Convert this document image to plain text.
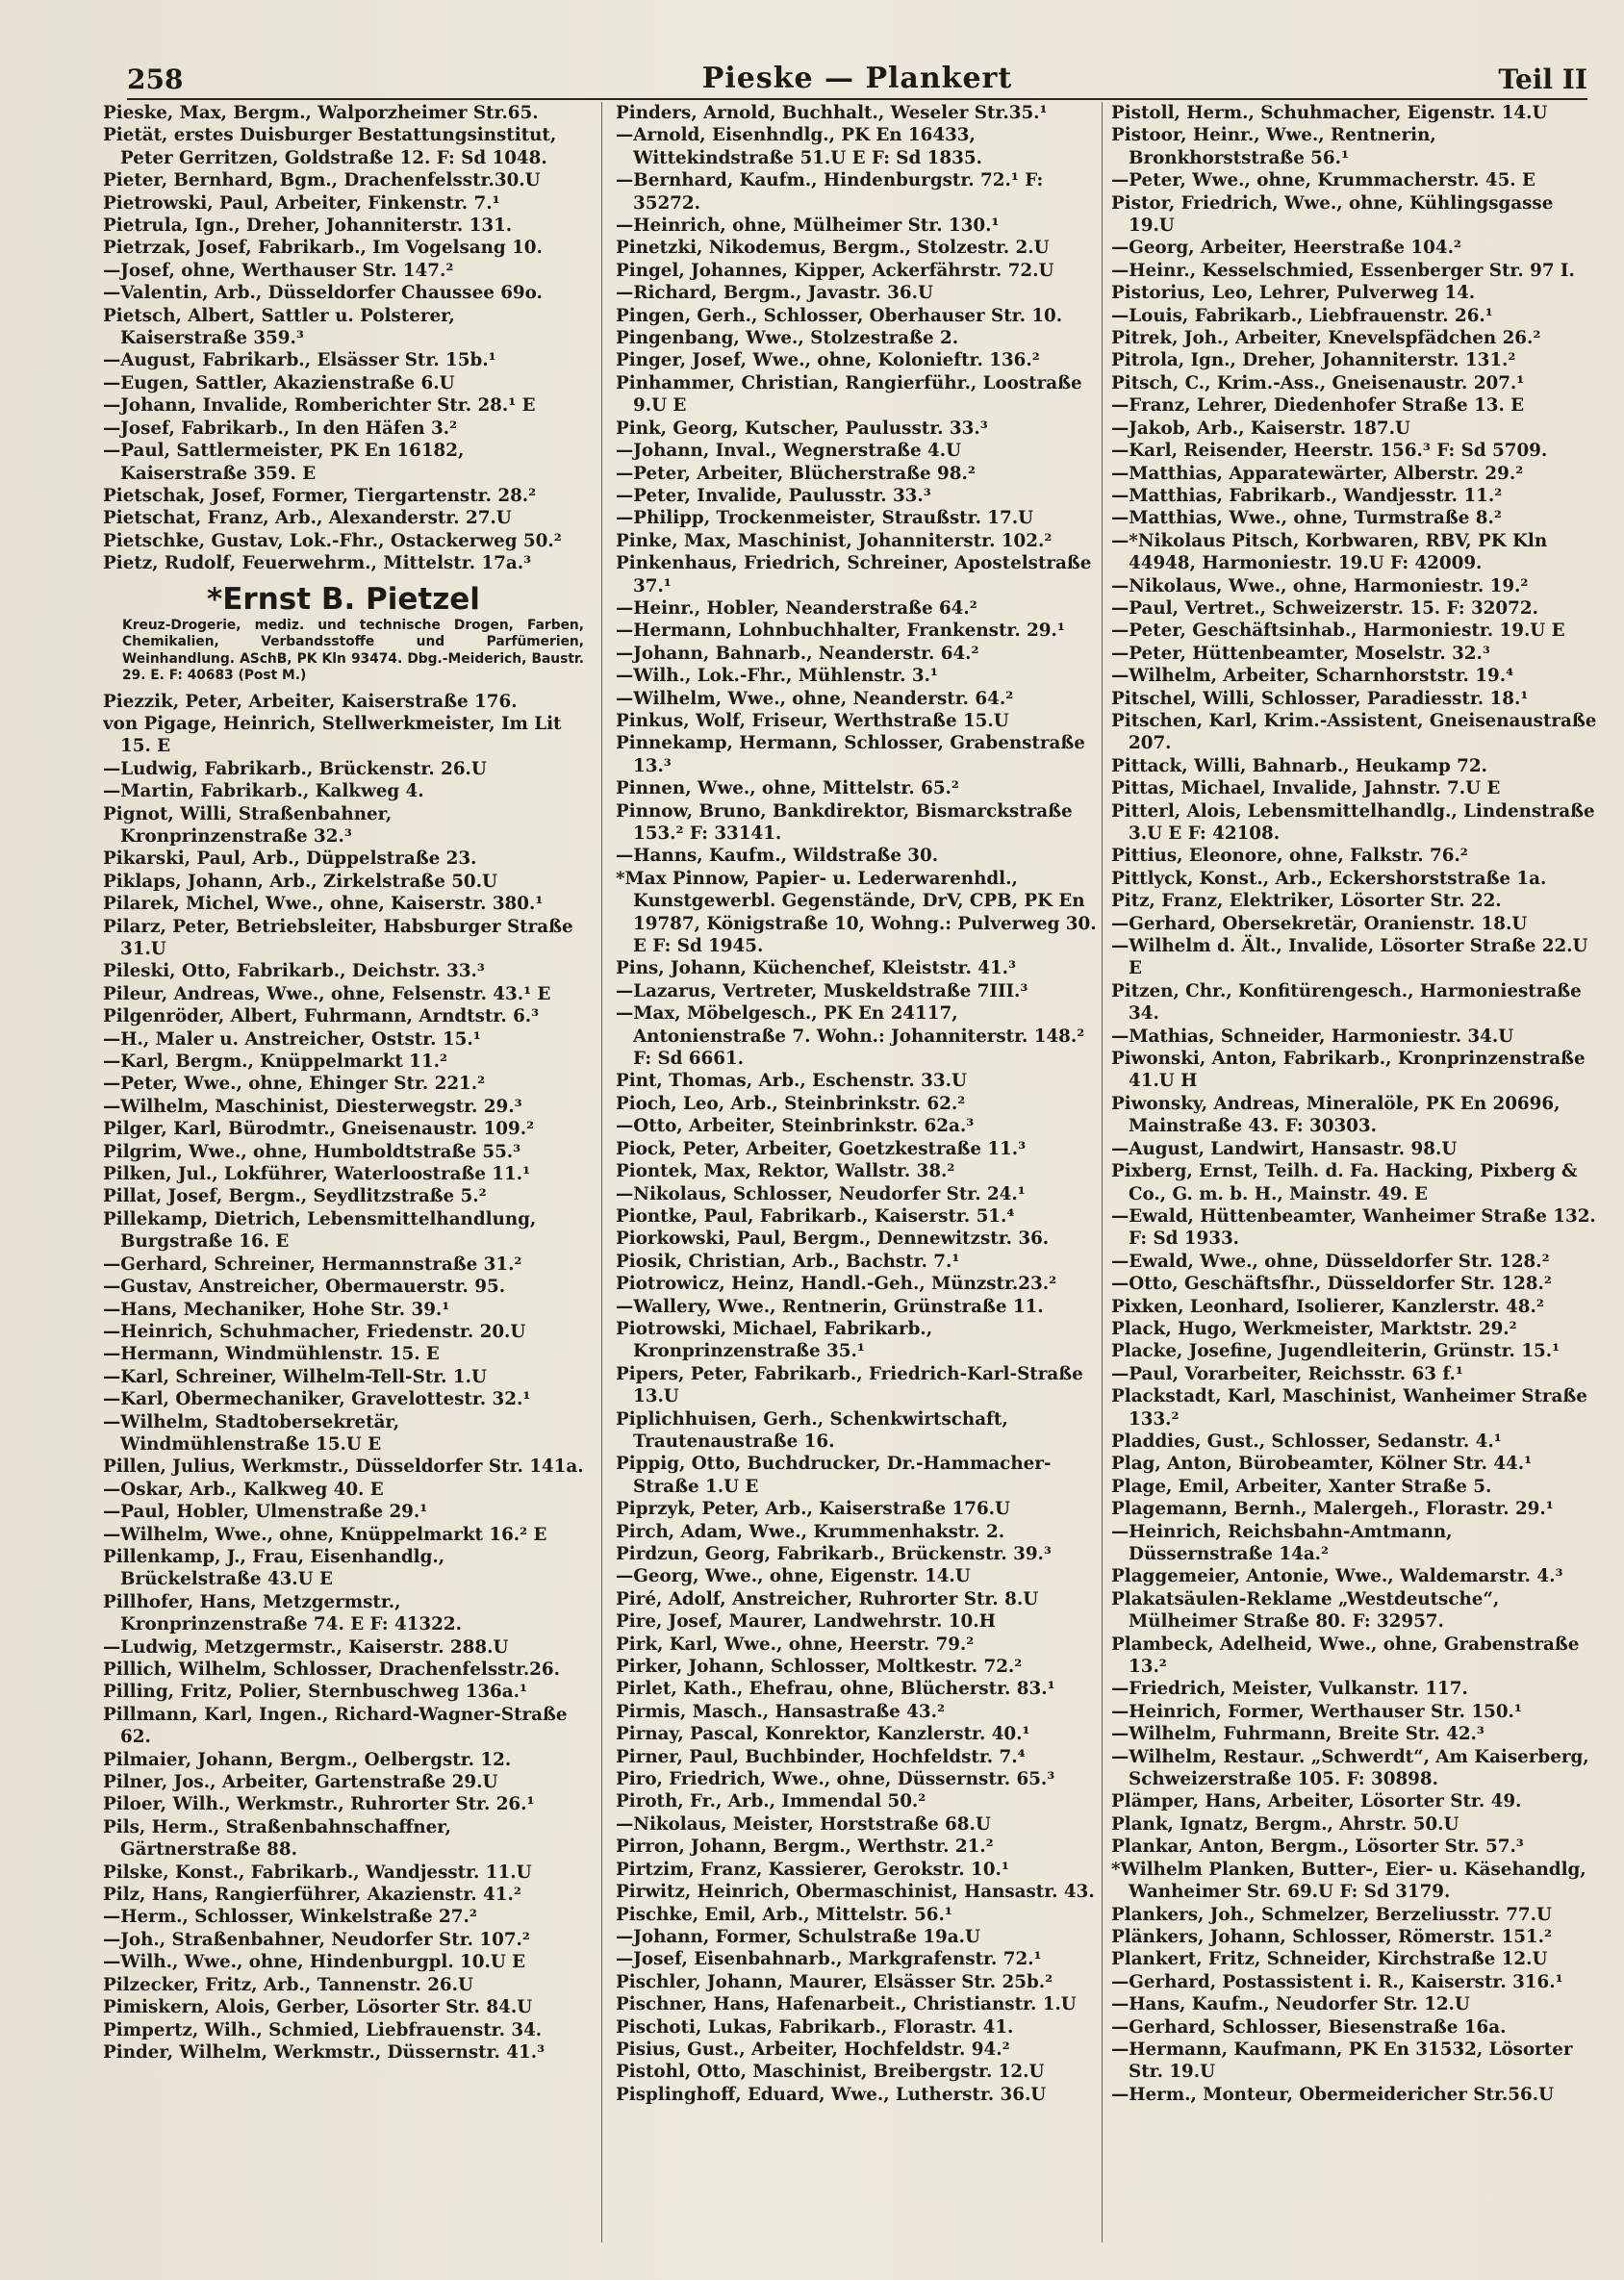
258	Pieske — Plankert	Teil II
Pieske, Max, Bergm., Walporzheimer Str.65.
Pietät, erstes Duisburger Bestattungsinstitut, Peter Gerritzen, Goldstraße 12. F: Sd 1048.
Pieter, Bernhard, Bgm., Drachenfelsstr.30.U
Pietrowski, Paul, Arbeiter, Finkenstr. 7.¹
Pietrula, Ign., Dreher, Johanniterstr. 131.
Pietrzak, Josef, Fabrikarb., Im Vogelsang 10.
—Josef, ohne, Werthauser Str. 147.²
—Valentin, Arb., Düsseldorfer Chaussee 69o.
Pietsch, Albert, Sattler u. Polsterer, Kaiserstraße 359.³
—August, Fabrikarb., Elsässer Str. 15b.¹
—Eugen, Sattler, Akazienstraße 6.U
—Johann, Invalide, Romberichter Str. 28.¹ E
—Josef, Fabrikarb., In den Häfen 3.²
—Paul, Sattlermeister, PK En 16182, Kaiserstraße 359. E
Pietschak, Josef, Former, Tiergartenstr. 28.²
Pietschat, Franz, Arb., Alexanderstr. 27.U
Pietschke, Gustav, Lok.-Fhr., Ostackerweg 50.²
Pietz, Rudolf, Feuerwehrm., Mittelstr. 17a.³
*Ernst B. Pietzel
Kreuz-Drogerie, mediz. und technische Drogen, Farben, Chemikalien, Verbandsstoffe und Parfümerien, Weinhandlung. ASchB, PK Kln 93474. Dbg.-Meiderich, Baustr. 29. E. F: 40683 (Post M.)
Piezzik, Peter, Arbeiter, Kaiserstraße 176.
von Pigage, Heinrich, Stellwerkmeister, Im Lit 15. E
—Ludwig, Fabrikarb., Brückenstr. 26.U
—Martin, Fabrikarb., Kalkweg 4.
Pignot, Willi, Straßenbahner, Kronprinzenstraße 32.³
Pikarski, Paul, Arb., Düppelstraße 23.
Piklaps, Johann, Arb., Zirkelstraße 50.U
Pilarek, Michel, Wwe., ohne, Kaiserstr. 380.¹
Pilarz, Peter, Betriebsleiter, Habsburger Straße 31.U
Pileski, Otto, Fabrikarb., Deichstr. 33.³
Pileur, Andreas, Wwe., ohne, Felsenstr. 43.¹ E
Pilgenröder, Albert, Fuhrmann, Arndtstr. 6.³
—H., Maler u. Anstreicher, Oststr. 15.¹
—Karl, Bergm., Knüppelmarkt 11.²
—Peter, Wwe., ohne, Ehinger Str. 221.²
—Wilhelm, Maschinist, Diesterwegstr. 29.³
Pilger, Karl, Bürodmtr., Gneisenaustr. 109.²
Pilgrim, Wwe., ohne, Humboldtstraße 55.³
Pilken, Jul., Lokführer, Waterloostraße 11.¹
Pillat, Josef, Bergm., Seydlitzstraße 5.²
Pillekamp, Dietrich, Lebensmittelhandlung, Burgstraße 16. E
—Gerhard, Schreiner, Hermannstraße 31.²
—Gustav, Anstreicher, Obermauerstr. 95.
—Hans, Mechaniker, Hohe Str. 39.¹
—Heinrich, Schuhmacher, Friedenstr. 20.U
—Hermann, Windmühlenstr. 15. E
—Karl, Schreiner, Wilhelm-Tell-Str. 1.U
—Karl, Obermechaniker, Gravelottestr. 32.¹
—Wilhelm, Stadtobersekretär, Windmühlenstraße 15.U E
Pillen, Julius, Werkmstr., Düsseldorfer Str. 141a.
—Oskar, Arb., Kalkweg 40. E
—Paul, Hobler, Ulmenstraße 29.¹
—Wilhelm, Wwe., ohne, Knüppelmarkt 16.² E
Pillenkamp, J., Frau, Eisenhandlg., Brückelstraße 43.U E
Pillhofer, Hans, Metzgermstr., Kronprinzenstraße 74. E F: 41322.
—Ludwig, Metzgermstr., Kaiserstr. 288.U
Pillich, Wilhelm, Schlosser, Drachenfelsstr.26.
Pilling, Fritz, Polier, Sternbuschweg 136a.¹
Pillmann, Karl, Ingen., Richard-Wagner-Straße 62.
Pilmaier, Johann, Bergm., Oelbergstr. 12.
Pilner, Jos., Arbeiter, Gartenstraße 29.U
Piloer, Wilh., Werkmstr., Ruhrorter Str. 26.¹
Pils, Herm., Straßenbahnschaffner, Gärtnerstraße 88.
Pilske, Konst., Fabrikarb., Wandjesstr. 11.U
Pilz, Hans, Rangierführer, Akazienstr. 41.²
—Herm., Schlosser, Winkelstraße 27.²
—Joh., Straßenbahner, Neudorfer Str. 107.²
—Wilh., Wwe., ohne, Hindenburgpl. 10.U E
Pilzecker, Fritz, Arb., Tannenstr. 26.U
Pimiskern, Alois, Gerber, Lösorter Str. 84.U
Pimpertz, Wilh., Schmied, Liebfrauenstr. 34.
Pinder, Wilhelm, Werkmstr., Düssernstr. 41.³
Pinders, Arnold, Buchhalt., Weseler Str.35.¹
—Arnold, Eisenhndlg., PK En 16433, Wittekindstraße 51.U E F: Sd 1835.
—Bernhard, Kaufm., Hindenburgstr. 72.¹ F: 35272.
—Heinrich, ohne, Mülheimer Str. 130.¹
Pinetzki, Nikodemus, Bergm., Stolzestr. 2.U
Pingel, Johannes, Kipper, Ackerfährstr. 72.U
—Richard, Bergm., Javastr. 36.U
Pingen, Gerh., Schlosser, Oberhauser Str. 10.
Pingenbang, Wwe., Stolzestraße 2.
Pinger, Josef, Wwe., ohne, Kolonieftr. 136.²
Pinhammer, Christian, Rangierführ., Loostraße 9.U E
Pink, Georg, Kutscher, Paulusstr. 33.³
—Johann, Inval., Wegnerstraße 4.U
—Peter, Arbeiter, Blücherstraße 98.²
—Peter, Invalide, Paulusstr. 33.³
—Philipp, Trockenmeister, Straußstr. 17.U
Pinke, Max, Maschinist, Johanniterstr. 102.²
Pinkenhaus, Friedrich, Schreiner, Apostelstraße 37.¹
—Heinr., Hobler, Neanderstraße 64.²
—Hermann, Lohnbuchhalter, Frankenstr. 29.¹
—Johann, Bahnarb., Neanderstr. 64.²
—Wilh., Lok.-Fhr., Mühlenstr. 3.¹
—Wilhelm, Wwe., ohne, Neanderstr. 64.²
Pinkus, Wolf, Friseur, Werthstraße 15.U
Pinnekamp, Hermann, Schlosser, Grabenstraße 13.³
Pinnen, Wwe., ohne, Mittelstr. 65.²
Pinnow, Bruno, Bankdirektor, Bismarckstraße 153.² F: 33141.
—Hanns, Kaufm., Wildstraße 30.
*Max Pinnow, Papier- u. Lederwarenhdl., Kunstgewerbl. Gegenstände, DrV, CPB, PK En 19787, Königstraße 10, Wohng.: Pulverweg 30. E F: Sd 1945.
Pins, Johann, Küchenchef, Kleiststr. 41.³
—Lazarus, Vertreter, Muskeldstraße 7III.³
—Max, Möbelgesch., PK En 24117, Antonienstraße 7. Wohn.: Johanniterstr. 148.² F: Sd 6661.
Pint, Thomas, Arb., Eschenstr. 33.U
Pioch, Leo, Arb., Steinbrinkstr. 62.²
—Otto, Arbeiter, Steinbrinkstr. 62a.³
Piock, Peter, Arbeiter, Goetzkestraße 11.³
Piontek, Max, Rektor, Wallstr. 38.²
—Nikolaus, Schlosser, Neudorfer Str. 24.¹
Piontke, Paul, Fabrikarb., Kaiserstr. 51.⁴
Piorkowski, Paul, Bergm., Dennewitzstr. 36.
Piosik, Christian, Arb., Bachstr. 7.¹
Piotrowicz, Heinz, Handl.-Geh., Münzstr.23.²
—Wallery, Wwe., Rentnerin, Grünstraße 11.
Piotrowski, Michael, Fabrikarb., Kronprinzenstraße 35.¹
Pipers, Peter, Fabrikarb., Friedrich-Karl-Straße 13.U
Piplichhuisen, Gerh., Schenkwirtschaft, Trautenaustraße 16.
Pippig, Otto, Buchdrucker, Dr.-Hammacher-Straße 1.U E
Piprzyk, Peter, Arb., Kaiserstraße 176.U
Pirch, Adam, Wwe., Krummenhakstr. 2.
Pirdzun, Georg, Fabrikarb., Brückenstr. 39.³
—Georg, Wwe., ohne, Eigenstr. 14.U
Piré, Adolf, Anstreicher, Ruhrorter Str. 8.U
Pire, Josef, Maurer, Landwehrstr. 10.H
Pirk, Karl, Wwe., ohne, Heerstr. 79.²
Pirker, Johann, Schlosser, Moltkestr. 72.²
Pirlet, Kath., Ehefrau, ohne, Blücherstr. 83.¹
Pirmis, Masch., Hansastraße 43.²
Pirnay, Pascal, Konrektor, Kanzlerstr. 40.¹
Pirner, Paul, Buchbinder, Hochfeldstr. 7.⁴
Piro, Friedrich, Wwe., ohne, Düssernstr. 65.³
Piroth, Fr., Arb., Immendal 50.²
—Nikolaus, Meister, Horststraße 68.U
Pirron, Johann, Bergm., Werthstr. 21.²
Pirtzim, Franz, Kassierer, Gerokstr. 10.¹
Pirwitz, Heinrich, Obermaschinist, Hansastr. 43.
Pischke, Emil, Arb., Mittelstr. 56.¹
—Johann, Former, Schulstraße 19a.U
—Josef, Eisenbahnarb., Markgrafenstr. 72.¹
Pischler, Johann, Maurer, Elsässer Str. 25b.²
Pischner, Hans, Hafenarbeit., Christianstr. 1.U
Pischoti, Lukas, Fabrikarb., Florastr. 41.
Pisius, Gust., Arbeiter, Hochfeldstr. 94.²
Pistohl, Otto, Maschinist, Breibergstr. 12.U
Pisplinghoff, Eduard, Wwe., Lutherstr. 36.U
Pistoll, Herm., Schuhmacher, Eigenstr. 14.U
Pistoor, Heinr., Wwe., Rentnerin, Bronkhorststraße 56.¹
—Peter, Wwe., ohne, Krummacherstr. 45. E
Pistor, Friedrich, Wwe., ohne, Kühlingsgasse 19.U
—Georg, Arbeiter, Heerstraße 104.²
—Heinr., Kesselschmied, Essenberger Str. 97 I.
Pistorius, Leo, Lehrer, Pulverweg 14.
—Louis, Fabrikarb., Liebfrauenstr. 26.¹
Pitrek, Joh., Arbeiter, Knevelspfädchen 26.²
Pitrola, Ign., Dreher, Johanniterstr. 131.²
Pitsch, C., Krim.-Ass., Gneisenaustr. 207.¹
—Franz, Lehrer, Diedenhofer Straße 13. E
—Jakob, Arb., Kaiserstr. 187.U
—Karl, Reisender, Heerstr. 156.³ F: Sd 5709.
—Matthias, Apparatewärter, Alberstr. 29.²
—Matthias, Fabrikarb., Wandjesstr. 11.²
—Matthias, Wwe., ohne, Turmstraße 8.²
—*Nikolaus Pitsch, Korbwaren, RBV, PK Kln 44948, Harmoniestr. 19.U F: 42009.
—Nikolaus, Wwe., ohne, Harmoniestr. 19.²
—Paul, Vertret., Schweizerstr. 15. F: 32072.
—Peter, Geschäftsinhab., Harmoniestr. 19.U E
—Peter, Hüttenbeamter, Moselstr. 32.³
—Wilhelm, Arbeiter, Scharnhorststr. 19.⁴
Pitschel, Willi, Schlosser, Paradiesstr. 18.¹
Pitschen, Karl, Krim.-Assistent, Gneisenaustraße 207.
Pittack, Willi, Bahnarb., Heukamp 72.
Pittas, Michael, Invalide, Jahnstr. 7.U E
Pitterl, Alois, Lebensmittelhandlg., Lindenstraße 3.U E F: 42108.
Pittius, Eleonore, ohne, Falkstr. 76.²
Pittlyck, Konst., Arb., Eckershorststraße 1a.
Pitz, Franz, Elektriker, Lösorter Str. 22.
—Gerhard, Obersekretär, Oranienstr. 18.U
—Wilhelm d. Ält., Invalide, Lösorter Straße 22.U E
Pitzen, Chr., Konfitürengesch., Harmoniestraße 34.
—Mathias, Schneider, Harmoniestr. 34.U
Piwonski, Anton, Fabrikarb., Kronprinzenstraße 41.U H
Piwonsky, Andreas, Mineralöle, PK En 20696, Mainstraße 43. F: 30303.
—August, Landwirt, Hansastr. 98.U
Pixberg, Ernst, Teilh. d. Fa. Hacking, Pixberg & Co., G. m. b. H., Mainstr. 49. E
—Ewald, Hüttenbeamter, Wanheimer Straße 132. F: Sd 1933.
—Ewald, Wwe., ohne, Düsseldorfer Str. 128.²
—Otto, Geschäftsfhr., Düsseldorfer Str. 128.²
Pixken, Leonhard, Isolierer, Kanzlerstr. 48.²
Plack, Hugo, Werkmeister, Marktstr. 29.²
Placke, Josefine, Jugendleiterin, Grünstr. 15.¹
—Paul, Vorarbeiter, Reichsstr. 63 f.¹
Plackstadt, Karl, Maschinist, Wanheimer Straße 133.²
Pladdies, Gust., Schlosser, Sedanstr. 4.¹
Plag, Anton, Bürobeamter, Kölner Str. 44.¹
Plage, Emil, Arbeiter, Xanter Straße 5.
Plagemann, Bernh., Malergeh., Florastr. 29.¹
—Heinrich, Reichsbahn-Amtmann, Düssernstraße 14a.²
Plaggemeier, Antonie, Wwe., Waldemarstr. 4.³
Plakatsäulen-Reklame „Westdeutsche“, Mülheimer Straße 80. F: 32957.
Plambeck, Adelheid, Wwe., ohne, Grabenstraße 13.²
—Friedrich, Meister, Vulkanstr. 117.
—Heinrich, Former, Werthauser Str. 150.¹
—Wilhelm, Fuhrmann, Breite Str. 42.³
—Wilhelm, Restaur. „Schwerdt“, Am Kaiserberg, Schweizerstraße 105. F: 30898.
Plämper, Hans, Arbeiter, Lösorter Str. 49.
Plank, Ignatz, Bergm., Ahrstr. 50.U
Plankar, Anton, Bergm., Lösorter Str. 57.³
*Wilhelm Planken, Butter-, Eier- u. Käsehandlg, Wanheimer Str. 69.U F: Sd 3179.
Plankers, Joh., Schmelzer, Berzeliusstr. 77.U
Plänkers, Johann, Schlosser, Römerstr. 151.²
Plankert, Fritz, Schneider, Kirchstraße 12.U
—Gerhard, Postassistent i. R., Kaiserstr. 316.¹
—Hans, Kaufm., Neudorfer Str. 12.U
—Gerhard, Schlosser, Biesenstraße 16a.
—Hermann, Kaufmann, PK En 31532, Lösorter Str. 19.U
—Herm., Monteur, Obermeidericher Str.56.U
